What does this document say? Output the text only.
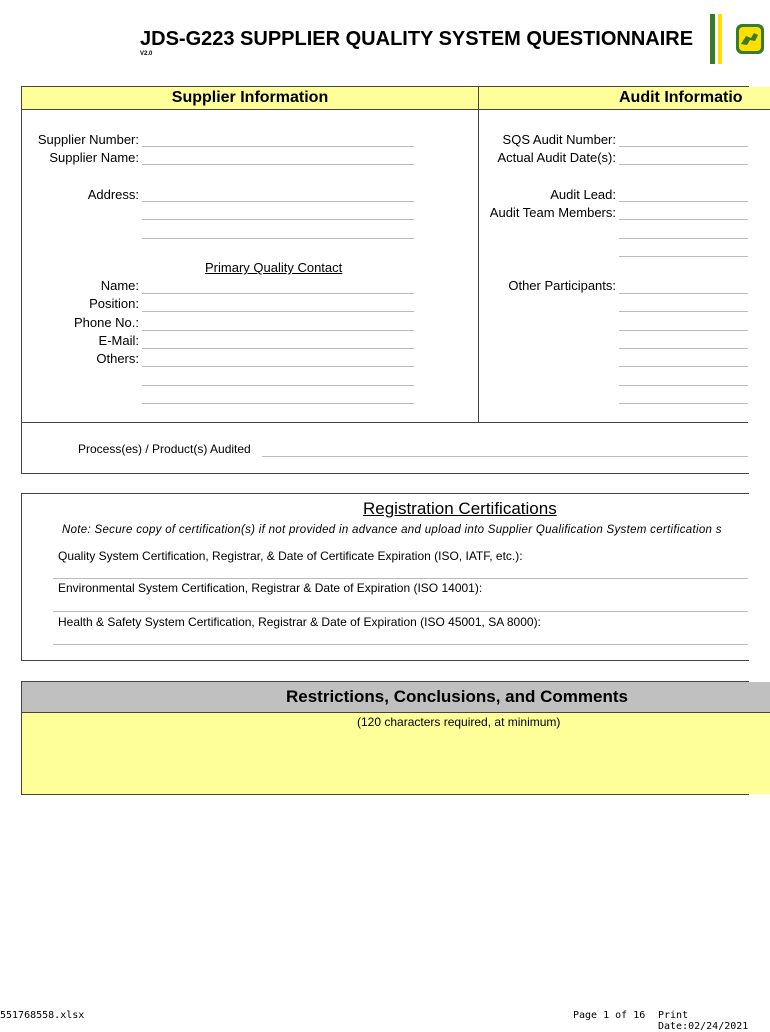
JDS-G223 SUPPLIER QUALITY SYSTEM QUESTIONNAIRE
V2.0
Supplier Information	Audit Informatio
Supplier Number:
Supplier Name:
Address:
Primary Quality Contact
Name:
Position:
Phone No.:
E-Mail:
Others:
SQS Audit Number:
Actual Audit Date(s):
Audit Lead:
Audit Team Members:
Other Participants:
Process(es) / Product(s) Audited
Registration Certifications
Note: Secure copy of certification(s) if not provided in advance and upload into Supplier Qualification System certification s
Quality System Certification, Registrar, & Date of Certificate Expiration (ISO, IATF, etc.):
Environmental System Certification, Registrar & Date of Expiration (ISO 14001):
Health & Safety System Certification, Registrar & Date of Expiration (ISO 45001, SA 8000):
Restrictions, Conclusions, and Comments
(120 characters required, at minimum)
551768558.xlsx	Page 1 of 16 Print Date:02/24/2021
